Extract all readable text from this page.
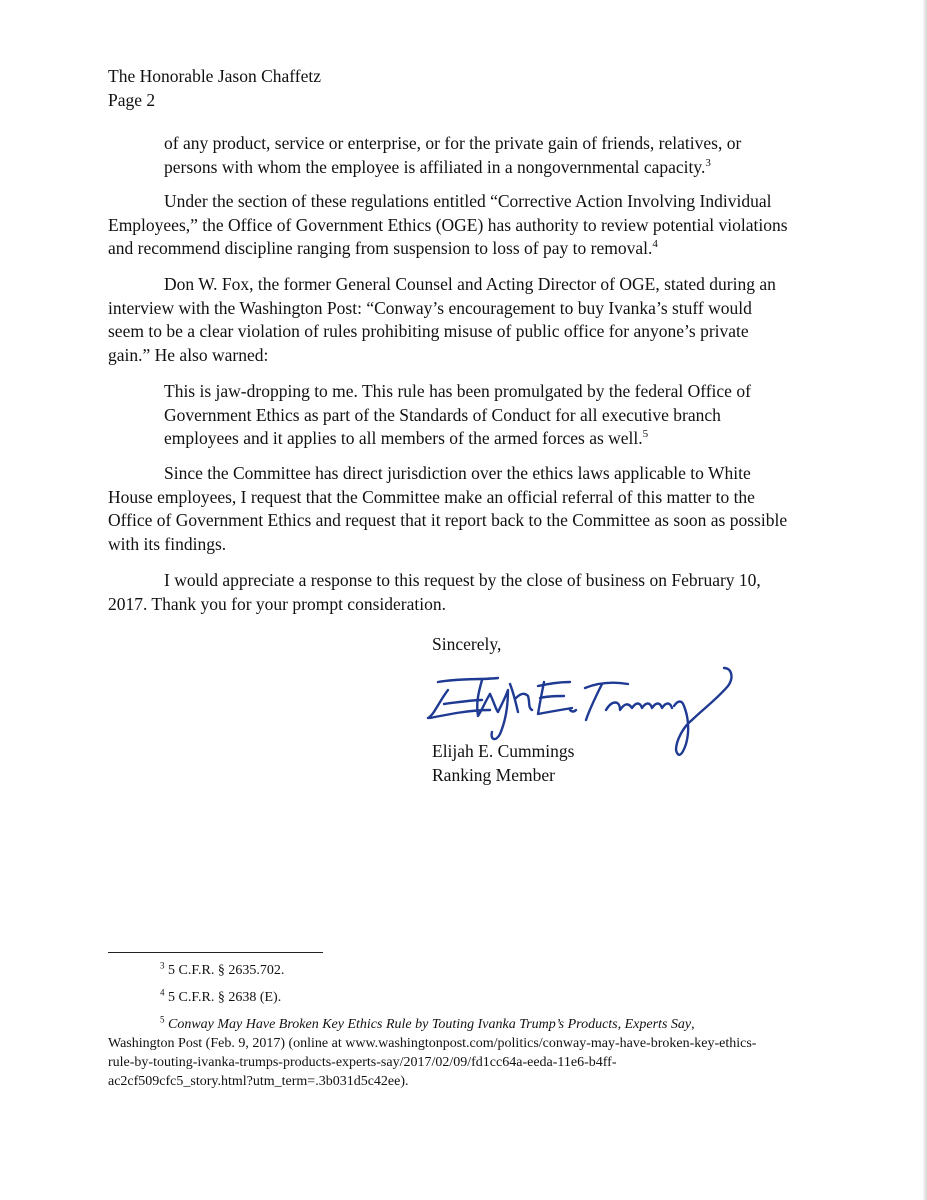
The Honorable Jason Chaffetz
Page 2
of any product, service or enterprise, or for the private gain of friends, relatives, or
persons with whom the employee is affiliated in a nongovernmental capacity.$^3$
Under the section of these regulations entitled “Corrective Action Involving Individual
Employees,” the Office of Government Ethics (OGE) has authority to review potential violations
and recommend discipline ranging from suspension to loss of pay to removal.$^4$
Don W. Fox, the former General Counsel and Acting Director of OGE, stated during an
interview with the Washington Post: “Conway’s encouragement to buy Ivanka’s stuff would
seem to be a clear violation of rules prohibiting misuse of public office for anyone’s private
gain.” He also warned:
This is jaw-dropping to me. This rule has been promulgated by the federal Office of
Government Ethics as part of the Standards of Conduct for all executive branch
employees and it applies to all members of the armed forces as well.$^5$
Since the Committee has direct jurisdiction over the ethics laws applicable to White
House employees, I request that the Committee make an official referral of this matter to the
Office of Government Ethics and request that it report back to the Committee as soon as possible
with its findings.
I would appreciate a response to this request by the close of business on February 10,
2017. Thank you for your prompt consideration.
Sincerely,
Elijah E. Cummings
Ranking Member
$^3$ 5 C.F.R. § 2635.702.
$^4$ 5 C.F.R. § 2638 (E).
$^5$ Conway May Have Broken Key Ethics Rule by Touting Ivanka Trump’s Products, Experts Say,
Washington Post (Feb. 9, 2017) (online at www.washingtonpost.com/politics/conway-may-have-broken-key-ethics-
rule-by-touting-ivanka-trumps-products-experts-say/2017/02/09/fd1cc64a-eeda-11e6-b4ff-
ac2cf509cfc5_story.html?utm_term=.3b031d5c42ee).
